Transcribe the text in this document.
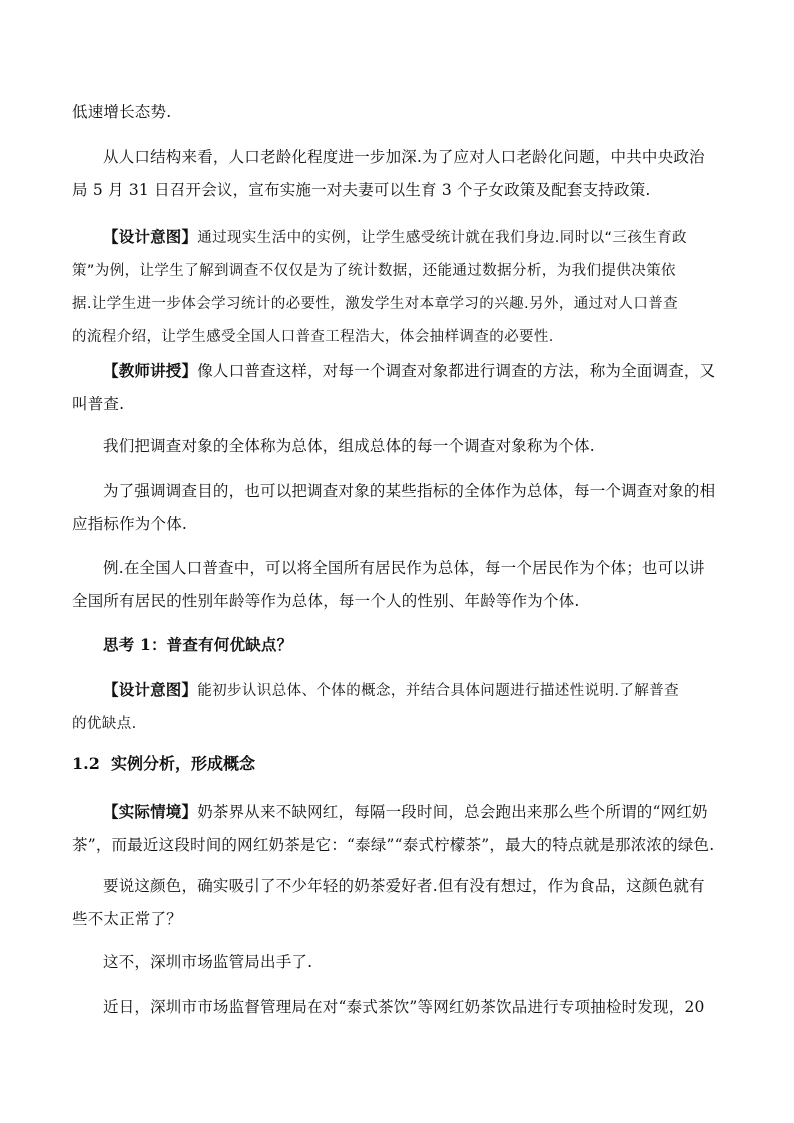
低速增长态势.

从人口结构来看，人口老龄化程度进一步加深.为了应对人口老龄化问题，中共中央政治
局 5 月 31 日召开会议，宣布实施一对夫妻可以生育 3 个子女政策及配套支持政策.

【设计意图】通过现实生活中的实例，让学生感受统计就在我们身边.同时以“三孩生育政
策”为例，让学生了解到调查不仅仅是为了统计数据，还能通过数据分析，为我们提供决策依
据.让学生进一步体会学习统计的必要性，激发学生对本章学习的兴趣.另外，通过对人口普查
的流程介绍，让学生感受全国人口普查工程浩大，体会抽样调查的必要性.

【教师讲授】像人口普查这样，对每一个调查对象都进行调查的方法，称为全面调查，又
叫普查.

我们把调查对象的全体称为总体，组成总体的每一个调查对象称为个体.

为了强调调查目的，也可以把调查对象的某些指标的全体作为总体，每一个调查对象的相
应指标作为个体.

例.在全国人口普查中，可以将全国所有居民作为总体，每一个居民作为个体；也可以讲
全国所有居民的性别年龄等作为总体，每一个人的性别、年龄等作为个体.

思考 1：普查有何优缺点？

【设计意图】能初步认识总体、个体的概念，并结合具体问题进行描述性说明.了解普查
的优缺点.

1.2 实例分析，形成概念

【实际情境】奶茶界从来不缺网红，每隔一段时间，总会跑出来那么些个所谓的“网红奶
茶”，而最近这段时间的网红奶茶是它：“泰绿”“泰式柠檬茶”，最大的特点就是那浓浓的绿色.

要说这颜色，确实吸引了不少年轻的奶茶爱好者.但有没有想过，作为食品，这颜色就有
些不太正常了？

这不，深圳市场监管局出手了.

近日，深圳市市场监督管理局在对“泰式茶饮”等网红奶茶饮品进行专项抽检时发现，20
